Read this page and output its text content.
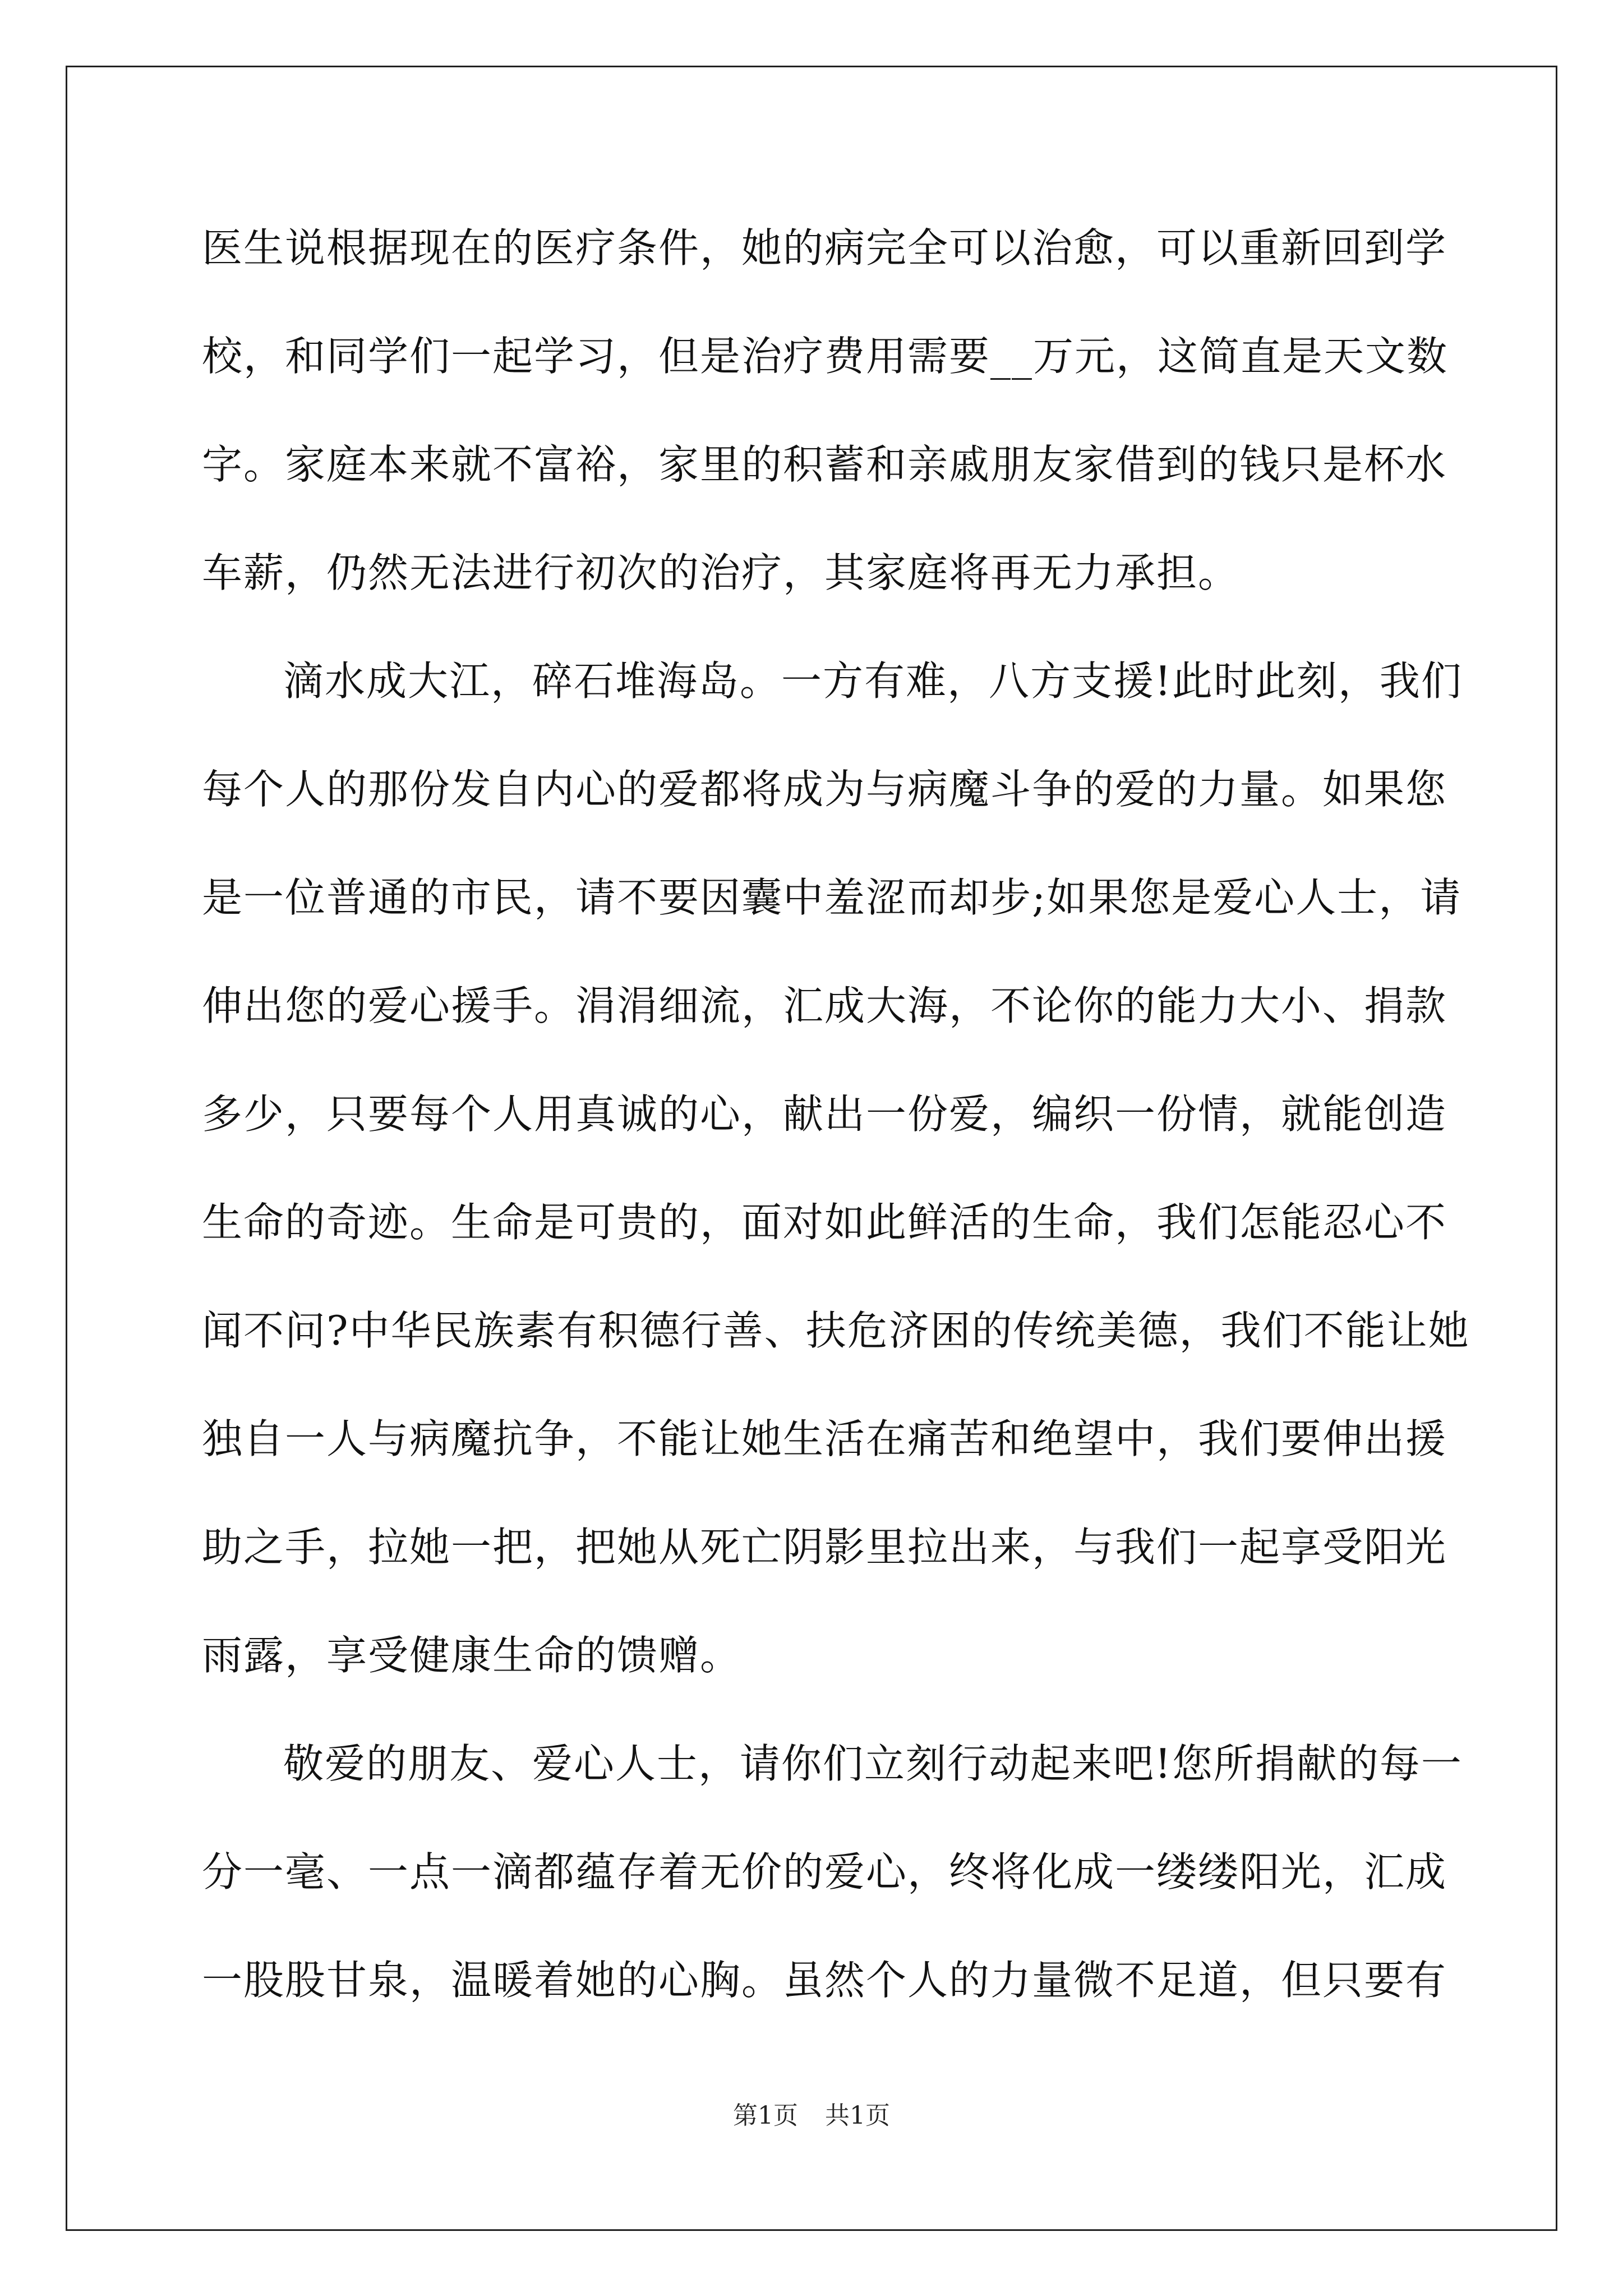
医生说根据现在的医疗条件，她的病完全可以治愈，可以重新回到学
校，和同学们一起学习，但是治疗费用需要__万元，这简直是天文数
字。家庭本来就不富裕，家里的积蓄和亲戚朋友家借到的钱只是杯水
车薪，仍然无法进行初次的治疗，其家庭将再无力承担。
滴水成大江，碎石堆海岛。一方有难，八方支援!此时此刻，我们
每个人的那份发自内心的爱都将成为与病魔斗争的爱的力量。如果您
是一位普通的市民，请不要因囊中羞涩而却步;如果您是爱心人士，请
伸出您的爱心援手。涓涓细流，汇成大海，不论你的能力大小、捐款
多少，只要每个人用真诚的心，献出一份爱，编织一份情，就能创造
生命的奇迹。生命是可贵的，面对如此鲜活的生命，我们怎能忍心不
闻不问?中华民族素有积德行善、扶危济困的传统美德，我们不能让她
独自一人与病魔抗争，不能让她生活在痛苦和绝望中，我们要伸出援
助之手，拉她一把，把她从死亡阴影里拉出来，与我们一起享受阳光
雨露，享受健康生命的馈赠。
敬爱的朋友、爱心人士，请你们立刻行动起来吧!您所捐献的每一
分一毫、一点一滴都蕴存着无价的爱心，终将化成一缕缕阳光，汇成
一股股甘泉，温暖着她的心胸。虽然个人的力量微不足道，但只要有
第1页 共1页
